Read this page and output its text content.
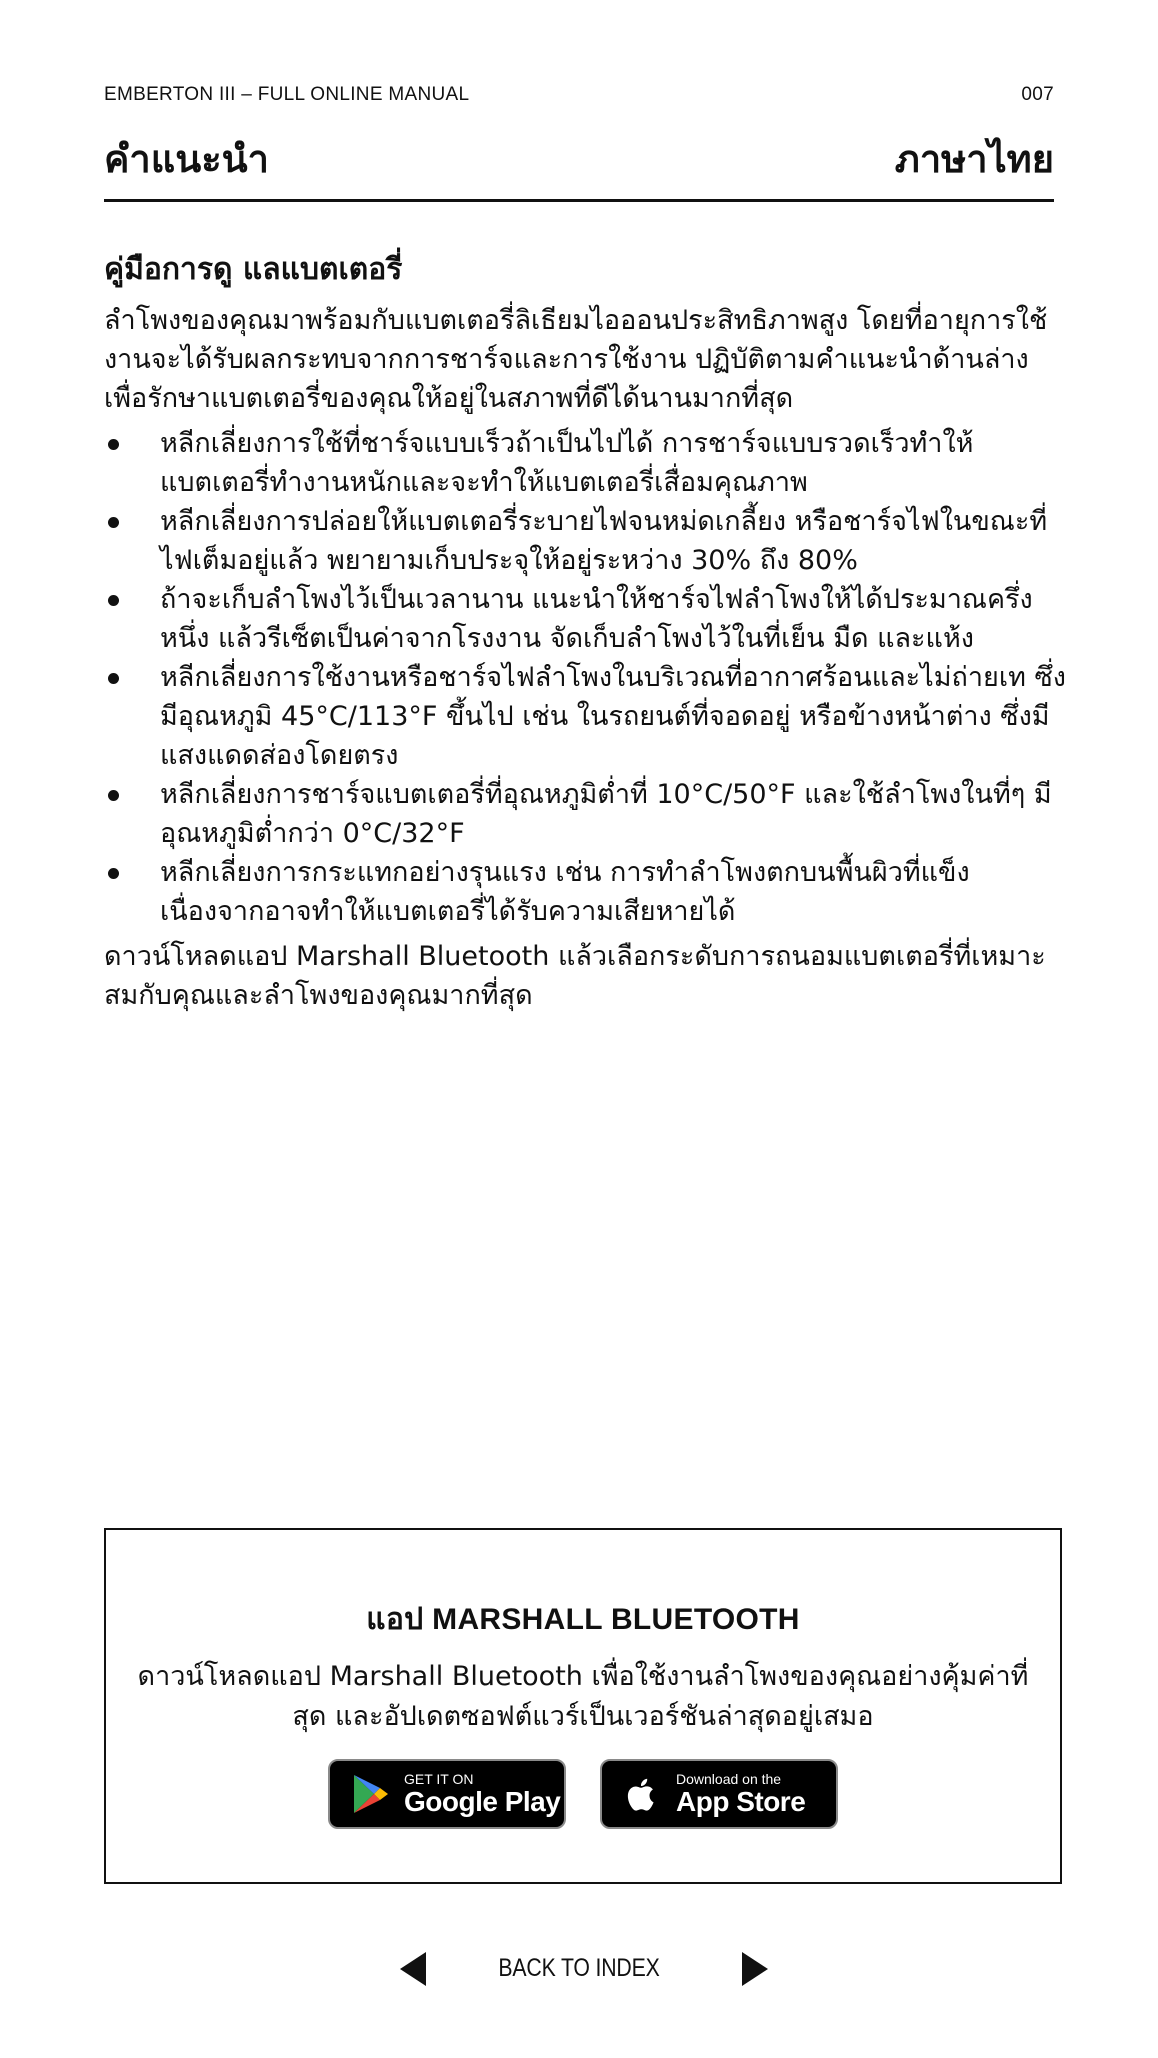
EMBERTON III – FULL ONLINE MANUAL	007
คำแนะนำ	ภาษาไทย
คู่มือการดู แลแบตเตอรี่

ลำโพงของคุณมาพร้อมกับแบตเตอรี่ลิเธียมไอออนประสิทธิภาพสูง โดยที่อายุการใช้งานจะได้รับผลกระทบจากการชาร์จและการใช้งาน ปฏิบัติตามคำแนะนำด้านล่างเพื่อรักษาแบตเตอรี่ของคุณให้อยู่ในสภาพที่ดีได้นานมากที่สุด

หลีกเลี่ยงการใช้ที่ชาร์จแบบเร็วถ้าเป็นไปได้ การชาร์จแบบรวดเร็วทำให้แบตเตอรี่ทำงานหนักและจะทำให้แบตเตอรี่เสื่อมคุณภาพ
หลีกเลี่ยงการปล่อยให้แบตเตอรี่ระบายไฟจนหม่ดเกลี้ยง หรือชาร์จไฟในขณะที่ไฟเต็มอยู่แล้ว พยายามเก็บประจุให้อยู่ระหว่าง 30% ถึง 80%
ถ้าจะเก็บลำโพงไว้เป็นเวลานาน แนะนำให้ชาร์จไฟลำโพงให้ได้ประมาณครึ่งหนึ่ง แล้วรีเซ็ตเป็นค่าจากโรงงาน จัดเก็บลำโพงไว้ในที่เย็น มืด และแห้ง
หลีกเลี่ยงการใช้งานหรือชาร์จไฟลำโพงในบริเวณที่อากาศร้อนและไม่ถ่ายเท ซึ่งมีอุณหภูมิ 45°C/113°F ขึ้นไป เช่น ในรถยนต์ที่จอดอยู่ หรือข้างหน้าต่าง ซึ่งมีแสงแดดส่องโดยตรง
หลีกเลี่ยงการชาร์จแบตเตอรี่ที่อุณหภูมิต่ำที่ 10°C/50°F และใช้ลำโพงในที่ๆ มีอุณหภูมิต่ำกว่า 0°C/32°F
หลีกเลี่ยงการกระแทกอย่างรุนแรง เช่น การทำลำโพงตกบนพื้นผิวที่แข็ง เนื่องจากอาจทำให้แบตเตอรี่ได้รับความเสียหายได้

ดาวน์โหลดแอป Marshall Bluetooth แล้วเลือกระดับการถนอมแบตเตอรี่ที่เหมาะสมกับคุณและลำโพงของคุณมากที่สุด

แอป MARSHALL BLUETOOTH
ดาวน์โหลดแอป Marshall Bluetooth เพื่อใช้งานลำโพงของคุณอย่างคุ้มค่าที่สุด และอัปเดตซอฟต์แวร์เป็นเวอร์ชันล่าสุดอยู่เสมอ
GET IT ON
Google Play
Download on the
App Store
BACK TO INDEX
